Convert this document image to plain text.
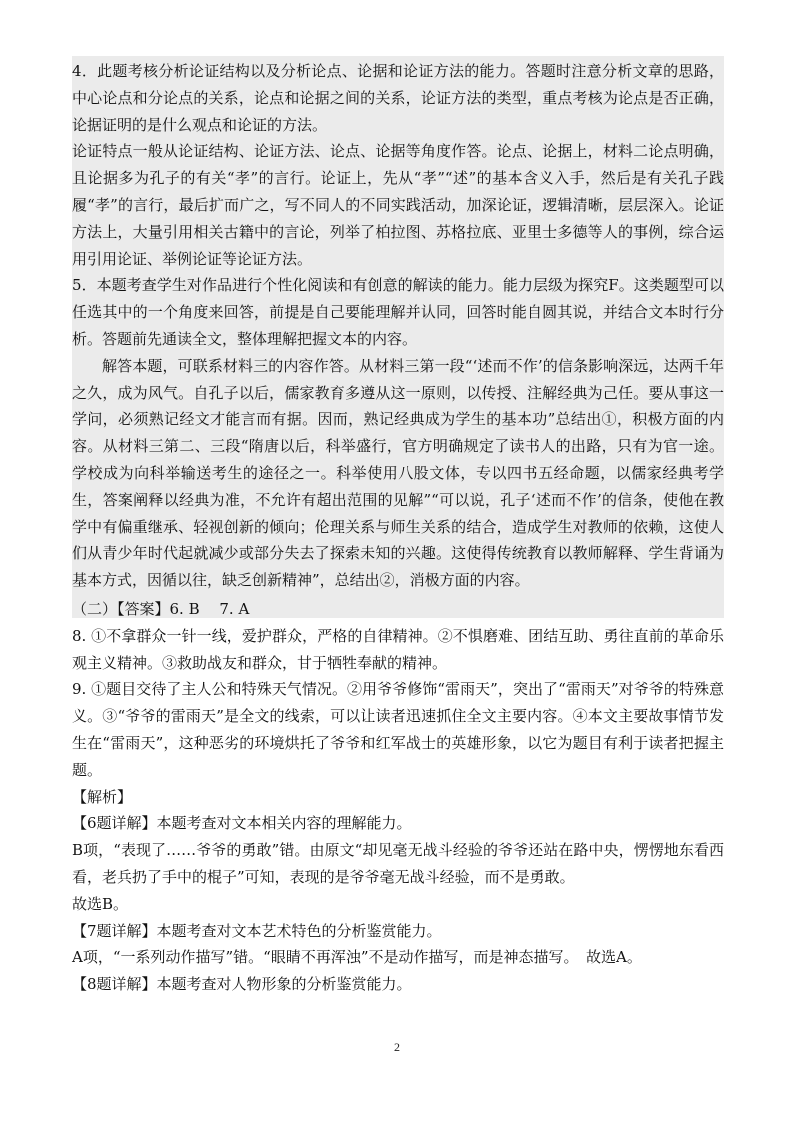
4．此题考核分析论证结构以及分析论点、论据和论证方法的能力。答题时注意分析文章的思路，中心论点和分论点的关系，论点和论据之间的关系，论证方法的类型，重点考核为论点是否正确，论据证明的是什么观点和论证的方法。

论证特点一般从论证结构、论证方法、论点、论据等角度作答。论点、论据上，材料二论点明确，且论据多为孔子的有关“孝”的言行。论证上，先从“孝”“述”的基本含义入手，然后是有关孔子践履“孝”的言行，最后扩而广之，写不同人的不同实践活动，加深论证，逻辑清晰，层层深入。论证方法上，大量引用相关古籍中的言论，列举了柏拉图、苏格拉底、亚里士多德等人的事例，综合运用引用论证、举例论证等论证方法。

5．本题考查学生对作品进行个性化阅读和有创意的解读的能力。能力层级为探究F。这类题型可以任选其中的一个角度来回答，前提是自己要能理解并认同，回答时能自圆其说，并结合文本时行分析。答题前先通读全文，整体理解把握文本的内容。

解答本题，可联系材料三的内容作答。从材料三第一段“‘述而不作’的信条影响深远，达两千年之久，成为风气。自孔子以后，儒家教育多遵从这一原则，以传授、注解经典为己任。要从事这一学问，必须熟记经文才能言而有据。因而，熟记经典成为学生的基本功”总结出①，积极方面的内容。从材料三第二、三段“隋唐以后，科举盛行，官方明确规定了读书人的出路，只有为官一途。学校成为向科举输送考生的途径之一。科举使用八股文体，专以四书五经命题，以儒家经典考学生，答案阐释以经典为准，不允许有超出范围的见解”“可以说，孔子‘述而不作’的信条，使他在教学中有偏重继承、轻视创新的倾向；伦理关系与师生关系的结合，造成学生对教师的依赖，这使人们从青少年时代起就减少或部分失去了探索未知的兴趣。这使得传统教育以教师解释、学生背诵为基本方式，因循以往，缺乏创新精神”，总结出②，消极方面的内容。

（二）【答案】6. B　 7. A

8. ①不拿群众一针一线，爱护群众，严格的自律精神。②不惧磨难、团结互助、勇往直前的革命乐观主义精神。③救助战友和群众，甘于牺牲奉献的精神。

9. ①题目交待了主人公和特殊天气情况。②用爷爷修饰“雷雨天”，突出了“雷雨天”对爷爷的特殊意义。③“爷爷的雷雨天”是全文的线索，可以让读者迅速抓住全文主要内容。④本文主要故事情节发生在“雷雨天”，这种恶劣的环境烘托了爷爷和红军战士的英雄形象，以它为题目有利于读者把握主题。

【解析】

【6题详解】本题考查对文本相关内容的理解能力。

B项，“表现了……爷爷的勇敢”错。由原文“却见毫无战斗经验的爷爷还站在路中央，愣愣地东看西看，老兵扔了手中的棍子”可知，表现的是爷爷毫无战斗经验，而不是勇敢。

故选B。

【7题详解】本题考查对文本艺术特色的分析鉴赏能力。

A项，“一系列动作描写”错。“眼睛不再浑浊”不是动作描写，而是神态描写。　故选A。

【8题详解】本题考查对人物形象的分析鉴赏能力。

2
